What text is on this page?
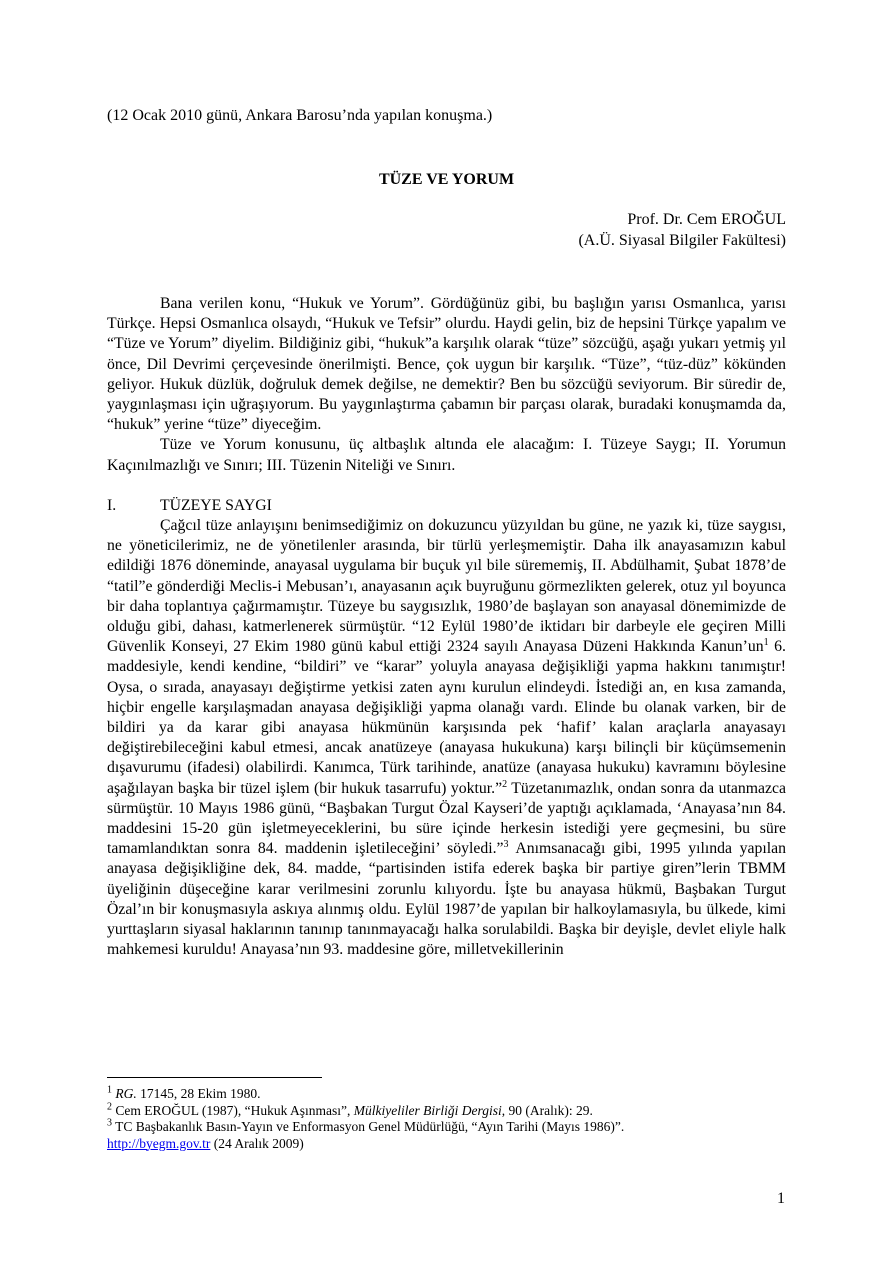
(12 Ocak 2010 günü, Ankara Barosu’nda yapılan konuşma.)
TÜZE VE YORUM
Prof. Dr. Cem EROĞUL
(A.Ü. Siyasal Bilgiler Fakültesi)

Bana verilen konu, “Hukuk ve Yorum”. Gördüğünüz gibi, bu başlığın yarısı Osmanlıca, yarısı Türkçe. Hepsi Osmanlıca olsaydı, “Hukuk ve Tefsir” olurdu. Haydi gelin, biz de hepsini Türkçe yapalım ve “Tüze ve Yorum” diyelim. Bildiğiniz gibi, “hukuk”a karşılık olarak “tüze” sözcüğü, aşağı yukarı yetmiş yıl önce, Dil Devrimi çerçevesinde önerilmişti. Bence, çok uygun bir karşılık. “Tüze”, “tüz-düz” kökünden geliyor. Hukuk düzlük, doğruluk demek değilse, ne demektir? Ben bu sözcüğü seviyorum. Bir süredir de, yaygınlaşması için uğraşıyorum. Bu yaygınlaştırma çabamın bir parçası olarak, buradaki konuşmamda da, “hukuk” yerine “tüze” diyeceğim.

Tüze ve Yorum konusunu, üç altbaşlık altında ele alacağım: I. Tüzeye Saygı; II. Yorumun Kaçınılmazlığı ve Sınırı; III. Tüzenin Niteliği ve Sınırı.

I.	TÜZEYE SAYGI

Çağcıl tüze anlayışını benimsediğimiz on dokuzuncu yüzyıldan bu güne, ne yazık ki, tüze saygısı, ne yöneticilerimiz, ne de yönetilenler arasında, bir türlü yerleşmemiştir. Daha ilk anayasamızın kabul edildiği 1876 döneminde, anayasal uygulama bir buçuk yıl bile sürememiş, II. Abdülhamit, Şubat 1878’de “tatil”e gönderdiği Meclis-i Mebusan’ı, anayasanın açık buyruğunu görmezlikten gelerek, otuz yıl boyunca bir daha toplantıya çağırmamıştır. Tüzeye bu saygısızlık, 1980’de başlayan son anayasal dönemimizde de olduğu gibi, dahası, katmerlenerek sürmüştür. “12 Eylül 1980’de iktidarı bir darbeyle ele geçiren Milli Güvenlik Konseyi, 27 Ekim 1980 günü kabul ettiği 2324 sayılı Anayasa Düzeni Hakkında $Kanun’un^1$ 6. maddesiyle, kendi kendine, “bildiri” ve “karar” yoluyla anayasa değişikliği yapma hakkını tanımıştır! Oysa, o sırada, anayasayı değiştirme yetkisi zaten aynı kurulun elindeydi. İstediği an, en kısa zamanda, hiçbir engelle karşılaşmadan anayasa değişikliği yapma olanağı vardı. Elinde bu olanak varken, bir de bildiri ya da karar gibi anayasa hükmünün karşısında pek ‘hafif’ kalan araçlarla anayasayı değiştirebileceğini kabul etmesi, ancak anatüzeye (anayasa hukukuna) karşı bilinçli bir küçümsemenin dışavurumu (ifadesi) olabilirdi. Kanımca, Türk tarihinde, anatüze (anayasa hukuku) kavramını böylesine aşağılayan başka bir tüzel işlem (bir hukuk tasarrufu) yoktur.”$^2$ Tüzetanımazlık, ondan sonra da utanmazca sürmüştür. 10 Mayıs 1986 günü, “Başbakan Turgut Özal Kayseri’de yaptığı açıklamada, ‘Anayasa’nın 84. maddesini 15-20 gün işletmeyeceklerini, bu süre içinde herkesin istediği yere geçmesini, bu süre tamamlandıktan sonra 84. maddenin işletileceğini’ söyledi.”$^3$ Anımsanacağı gibi, 1995 yılında yapılan anayasa değişikliğine dek, 84. madde, “partisinden istifa ederek başka bir partiye giren”lerin TBMM üyeliğinin düşeceğine karar verilmesini zorunlu kılıyordu. İşte bu anayasa hükmü, Başbakan Turgut Özal’ın bir konuşmasıyla askıya alınmış oldu. Eylül 1987’de yapılan bir halkoylamasıyla, bu ülkede, kimi yurttaşların siyasal haklarının tanınıp tanınmayacağı halka sorulabildi. Başka bir deyişle, devlet eliyle halk mahkemesi kuruldu! Anayasa’nın 93. maddesine göre, milletvekillerinin

$^1$ RG. 17145, 28 Ekim 1980.
$^2$ Cem EROĞUL (1987), “Hukuk Aşınması”, Mülkiyeliler Birliği Dergisi, 90 (Aralık): 29.
$^3$ TC Başbakanlık Basın-Yayın ve Enformasyon Genel Müdürlüğü, “Ayın Tarihi (Mayıs 1986)”.
http://byegm.gov.tr (24 Aralık 2009)
1
